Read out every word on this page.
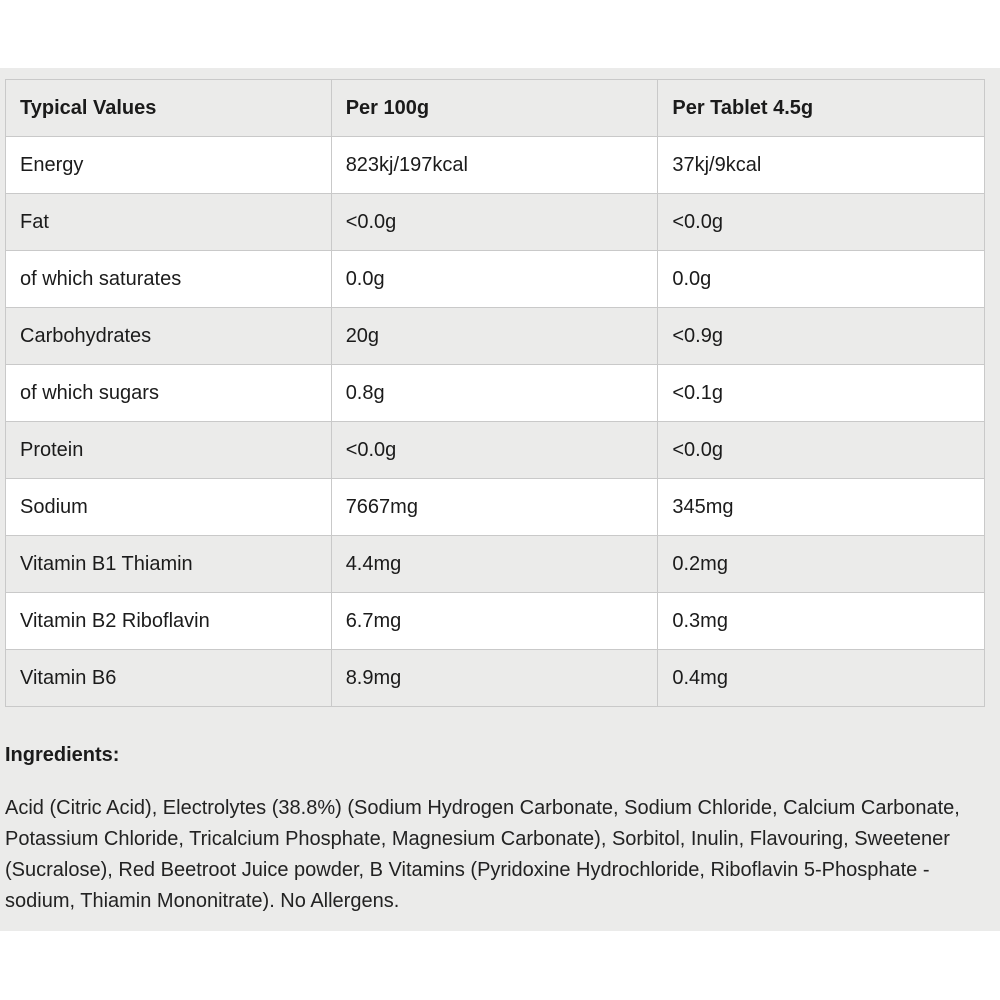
Typical Values	Per 100g	Per Tablet 4.5g
Energy	823kj/197kcal	37kj/9kcal
Fat	<0.0g	<0.0g
of which saturates	0.0g	0.0g
Carbohydrates	20g	<0.9g
of which sugars	0.8g	<0.1g
Protein	<0.0g	<0.0g
Sodium	7667mg	345mg
Vitamin B1 Thiamin	4.4mg	0.2mg
Vitamin B2 Riboflavin	6.7mg	0.3mg
Vitamin B6	8.9mg	0.4mg
Ingredients:

Acid (Citric Acid), Electrolytes (38.8%) (Sodium Hydrogen Carbonate, Sodium Chloride, Calcium Carbonate, Potassium Chloride, Tricalcium Phosphate, Magnesium Carbonate), Sorbitol, Inulin, Flavouring, Sweetener (Sucralose), Red Beetroot Juice powder, B Vitamins (Pyridoxine Hydrochloride, Riboflavin 5-Phosphate -sodium, Thiamin Mononitrate). No Allergens.
